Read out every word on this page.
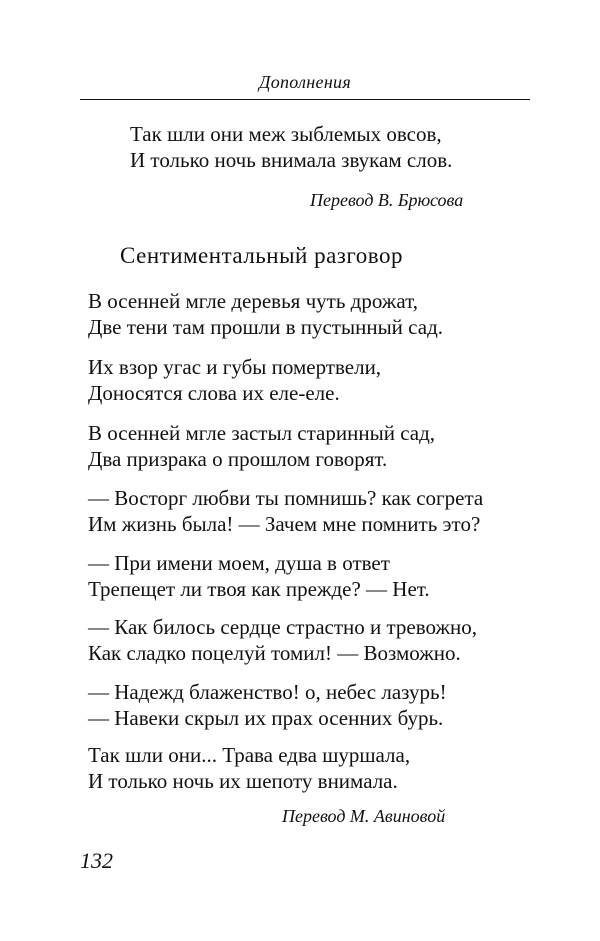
Дополнения
Так шли они меж зыблемых овсов,
И только ночь внимала звукам слов.
Перевод В. Брюсова
Сентиментальный разговор
В осенней мгле деревья чуть дрожат,
Две тени там прошли в пустынный сад.
Их взор угас и губы помертвели,
Доносятся слова их еле-еле.
В осенней мгле застыл старинный сад,
Два призрака о прошлом говорят.
— Восторг любви ты помнишь? как согрета
Им жизнь была! — Зачем мне помнить это?
— При имени моем, душа в ответ
Трепещет ли твоя как прежде? — Нет.
— Как билось сердце страстно и тревожно,
Как сладко поцелуй томил! — Возможно.
— Надежд блаженство! о, небес лазурь!
— Навеки скрыл их прах осенних бурь.
Так шли они... Трава едва шуршала,
И только ночь их шепоту внимала.
Перевод М. Авиновой
132
